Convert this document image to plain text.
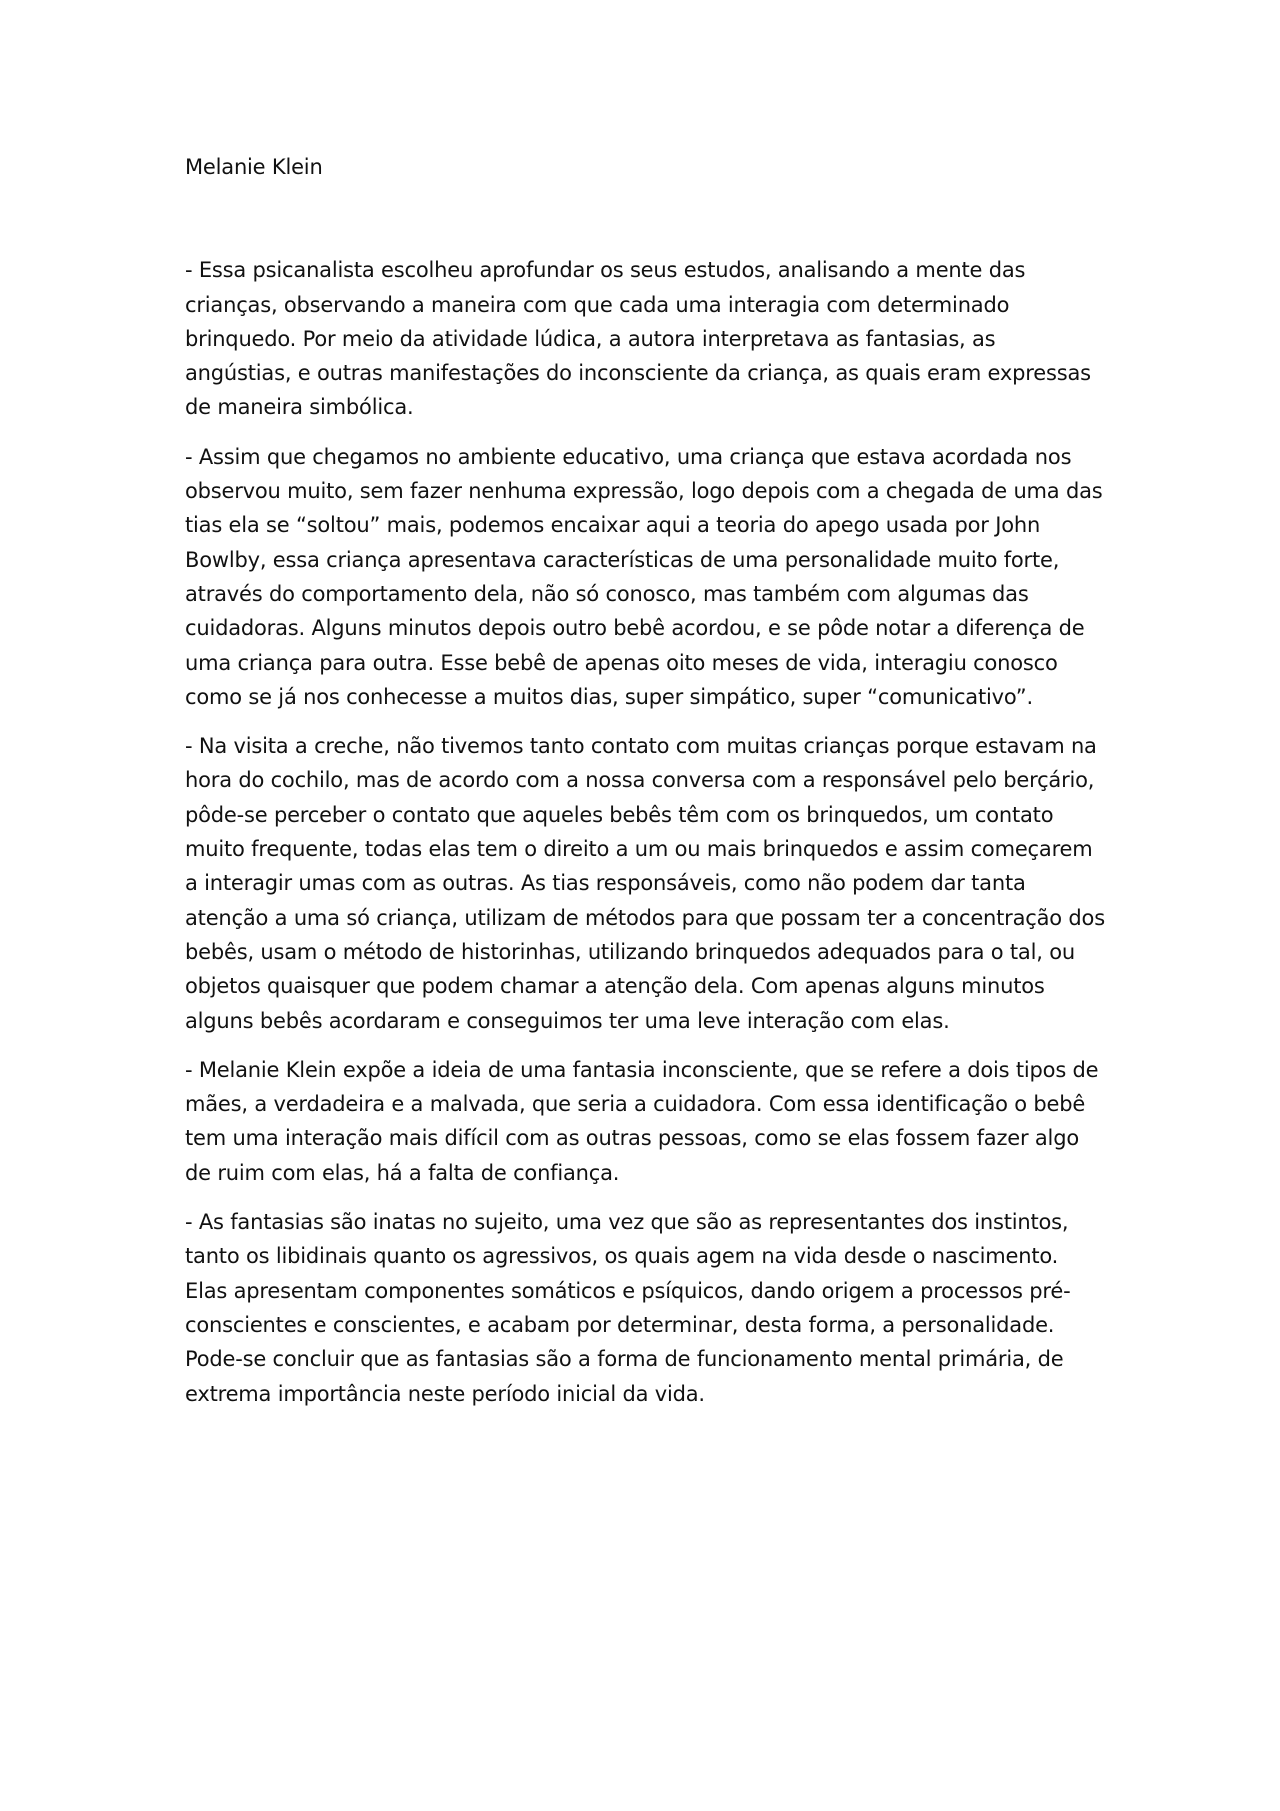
Melanie Klein

- Essa psicanalista escolheu aprofundar os seus estudos, analisando a mente das crianças, observando a maneira com que cada uma interagia com determinado brinquedo. Por meio da atividade lúdica, a autora interpretava as fantasias, as angústias, e outras manifestações do inconsciente da criança, as quais eram expressas de maneira simbólica.

- Assim que chegamos no ambiente educativo, uma criança que estava acordada nos observou muito, sem fazer nenhuma expressão, logo depois com a chegada de uma das tias ela se “soltou” mais, podemos encaixar aqui a teoria do apego usada por John Bowlby, essa criança apresentava características de uma personalidade muito forte, através do comportamento dela, não só conosco, mas também com algumas das cuidadoras. Alguns minutos depois outro bebê acordou, e se pôde notar a diferença de uma criança para outra. Esse bebê de apenas oito meses de vida, interagiu conosco como se já nos conhecesse a muitos dias, super simpático, super “comunicativo”.

- Na visita a creche, não tivemos tanto contato com muitas crianças porque estavam na hora do cochilo, mas de acordo com a nossa conversa com a responsável pelo berçário, pôde-se perceber o contato que aqueles bebês têm com os brinquedos, um contato muito frequente, todas elas tem o direito a um ou mais brinquedos e assim começarem a interagir umas com as outras. As tias responsáveis, como não podem dar tanta atenção a uma só criança, utilizam de métodos para que possam ter a concentração dos bebês, usam o método de historinhas, utilizando brinquedos adequados para o tal, ou objetos quaisquer que podem chamar a atenção dela. Com apenas alguns minutos alguns bebês acordaram e conseguimos ter uma leve interação com elas.

- Melanie Klein expõe a ideia de uma fantasia inconsciente, que se refere a dois tipos de mães, a verdadeira e a malvada, que seria a cuidadora. Com essa identificação o bebê tem uma interação mais difícil com as outras pessoas, como se elas fossem fazer algo de ruim com elas, há a falta de confiança.

- As fantasias são inatas no sujeito, uma vez que são as representantes dos instintos, tanto os libidinais quanto os agressivos, os quais agem na vida desde o nascimento. Elas apresentam componentes somáticos e psíquicos, dando origem a processos pré-conscientes e conscientes, e acabam por determinar, desta forma, a personalidade. Pode-se concluir que as fantasias são a forma de funcionamento mental primária, de extrema importância neste período inicial da vida.
